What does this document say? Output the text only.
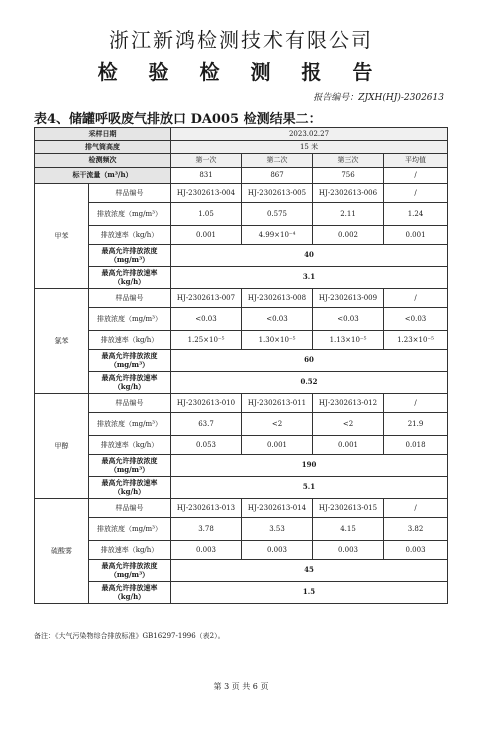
浙江新鸿检测技术有限公司
检 验 检 测 报 告
报告编号：ZJXH(HJ)-2302613
表4、储罐呼吸废气排放口 DA005 检测结果二：
采样日期		2023.02.27			
排气筒高度		15 米			
检测频次		第一次	第二次	第三次	平均值
标干流量（m³/h）		831	867	756	/
甲苯	样品编号	HJ-2302613-004	HJ-2302613-005	HJ-2302613-006	/
	排放浓度（mg/m³）	1.05	0.575	2.11	1.24
	排放速率（kg/h）	0.001	4.99×10⁻⁴	0.002	0.001
	最高允许排放浓度（mg/m³）	40			
	最高允许排放速率（kg/h）	3.1			
氯苯	样品编号	HJ-2302613-007	HJ-2302613-008	HJ-2302613-009	/
	排放浓度（mg/m³）	<0.03	<0.03	<0.03	<0.03
	排放速率（kg/h）	1.25×10⁻⁵	1.30×10⁻⁵	1.13×10⁻⁵	1.23×10⁻⁵
	最高允许排放浓度（mg/m³）	60			
	最高允许排放速率（kg/h）	0.52			
甲醇	样品编号	HJ-2302613-010	HJ-2302613-011	HJ-2302613-012	/
	排放浓度（mg/m³）	63.7	<2	<2	21.9
	排放速率（kg/h）	0.053	0.001	0.001	0.018
	最高允许排放浓度（mg/m³）	190			
	最高允许排放速率（kg/h）	5.1			
硫酸雾	样品编号	HJ-2302613-013	HJ-2302613-014	HJ-2302613-015	/
	排放浓度（mg/m³）	3.78	3.53	4.15	3.82
	排放速率（kg/h）	0.003	0.003	0.003	0.003
	最高允许排放浓度（mg/m³）	45			
	最高允许排放速率（kg/h）	1.5			
备注：《大气污染物综合排放标准》GB16297-1996（表2）。
第 3 页 共 6 页
